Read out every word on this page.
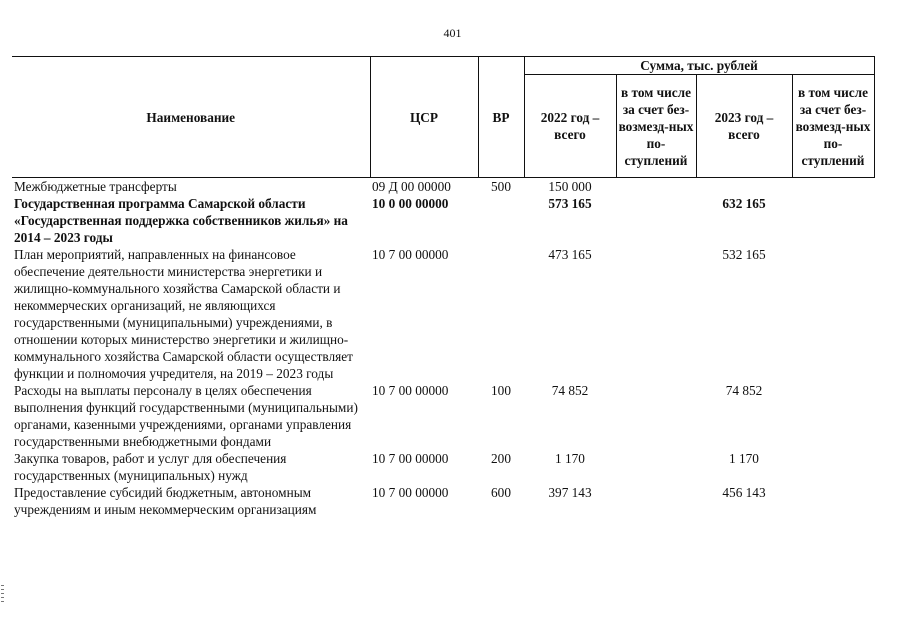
401
Наименование	ЦСР	ВР	Сумма, тыс. рублей			
			2022 год – всего	в том числе за счет без-возмезд-ных по-ступлений	2023 год – всего	в том числе за счет без-возмезд-ных по-ступлений
Межбюджетные трансферты	09 Д 00 00000	500	150 000			
Государственная программа Самарской области «Государственная поддержка собственников жилья» на 2014 – 2023 годы	10 0 00 00000		573 165		632 165	
План мероприятий, направленных на финансовое обеспечение деятельности министерства энергетики и жилищно-коммунального хозяйства Самарской области и некоммерческих организаций, не являющихся государственными (муниципальными) учреждениями, в отношении которых министерство энергетики и жилищно-коммунального хозяйства Самарской области осуществляет функции и полномочия учредителя, на 2019 – 2023 годы	10 7 00 00000		473 165		532 165	
Расходы на выплаты персоналу в целях обеспечения выполнения функций государственными (муниципальными) органами, казенными учреждениями, органами управления государственными внебюджетными фондами	10 7 00 00000	100	74 852		74 852	
Закупка товаров, работ и услуг для обеспечения государственных (муниципальных) нужд	10 7 00 00000	200	1 170		1 170	
Предоставление субсидий бюджетным, автономным учреждениям и иным некоммерческим организациям	10 7 00 00000	600	397 143		456 143	
